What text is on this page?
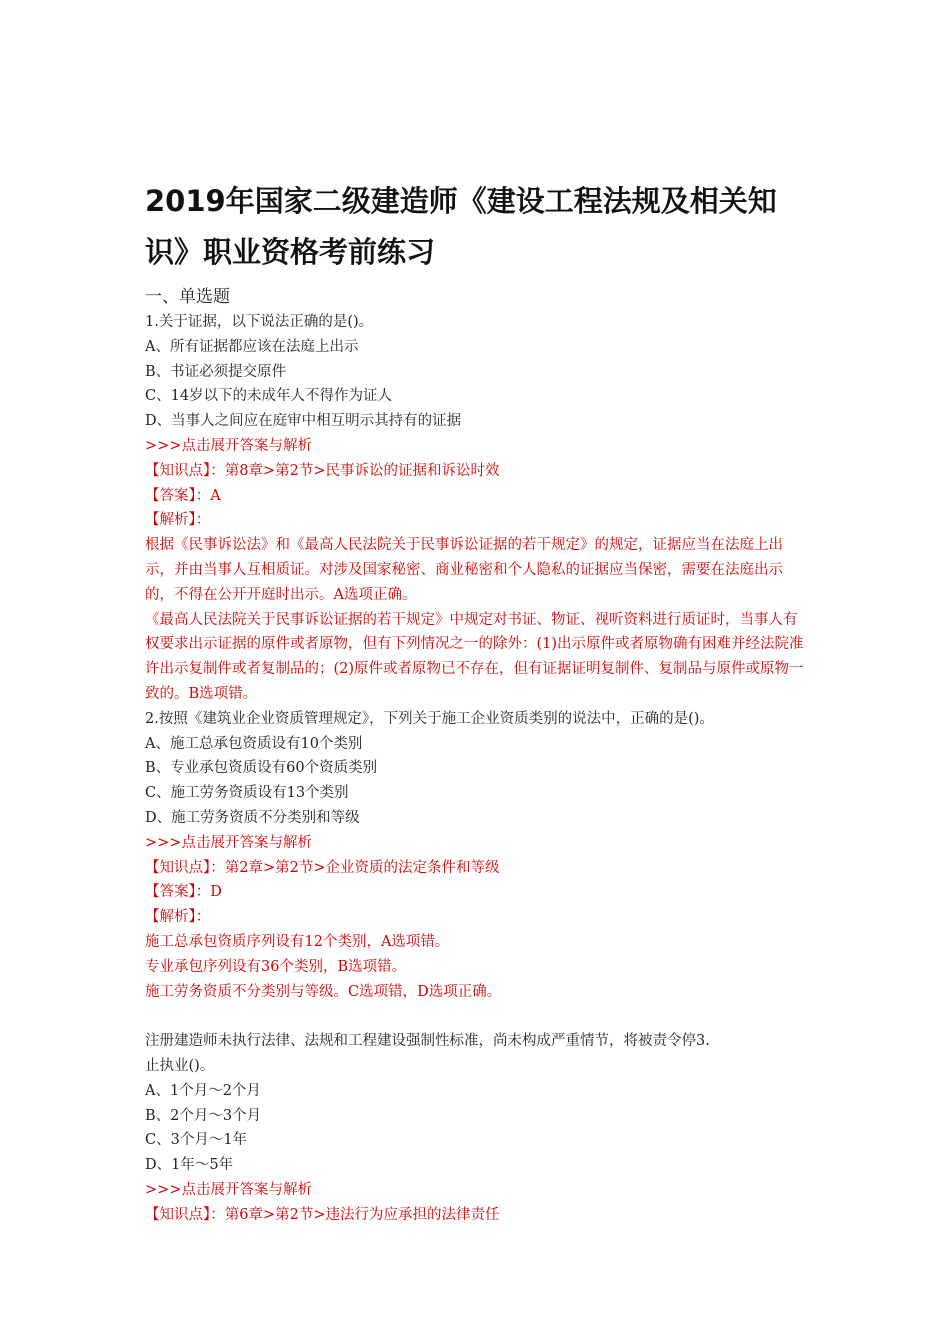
2019年国家二级建造师《建设工程法规及相关知识》职业资格考前练习
一、单选题
1.关于证据，以下说法正确的是()。
A、所有证据都应该在法庭上出示
B、书证必须提交原件
C、14岁以下的未成年人不得作为证人
D、当事人之间应在庭审中相互明示其持有的证据
>>>点击展开答案与解析
【知识点】：第8章>第2节>民事诉讼的证据和诉讼时效
【答案】：A
【解析】：
根据《民事诉讼法》和《最高人民法院关于民事诉讼证据的若干规定》的规定，证据应当在法庭上出示，并由当事人互相质证。对涉及国家秘密、商业秘密和个人隐私的证据应当保密，需要在法庭出示的，不得在公开开庭时出示。A选项正确。
《最高人民法院关于民事诉讼证据的若干规定》中规定对书证、物证、视听资料进行质证时，当事人有权要求出示证据的原件或者原物，但有下列情况之一的除外：(1)出示原件或者原物确有困难并经法院准许出示复制件或者复制品的；(2)原件或者原物已不存在，但有证据证明复制件、复制品与原件或原物一致的。B选项错。
2.按照《建筑业企业资质管理规定》，下列关于施工企业资质类别的说法中，正确的是()。
A、施工总承包资质设有10个类别
B、专业承包资质设有60个资质类别
C、施工劳务资质设有13个类别
D、施工劳务资质不分类别和等级
>>>点击展开答案与解析
【知识点】：第2章>第2节>企业资质的法定条件和等级
【答案】：D
【解析】：
施工总承包资质序列设有12个类别，A选项错。
专业承包序列设有36个类别，B选项错。
施工劳务资质不分类别与等级。C选项错，D选项正确。
注册建造师未执行法律、法规和工程建设强制性标准，尚未构成严重情节，将被责令停3.
止执业()。
A、1个月～2个月
B、2个月～3个月
C、3个月～1年
D、1年～5年
>>>点击展开答案与解析
【知识点】：第6章>第2节>违法行为应承担的法律责任
